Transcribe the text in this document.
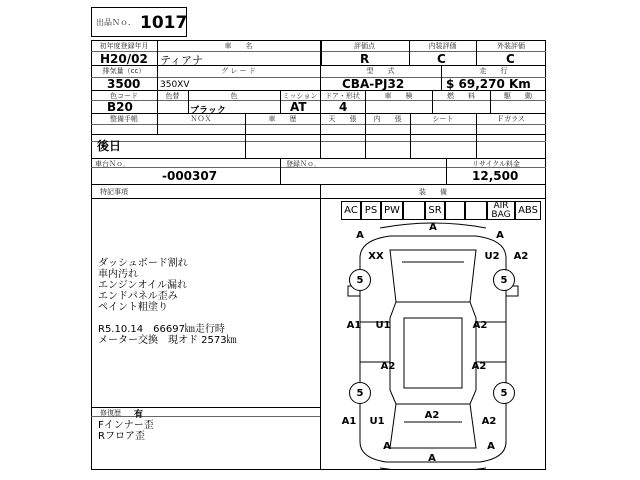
出品Ｎｏ． 1017
初年度登録年月
H20/02
車　　名
ティアナ
評価点
R
内装評価
C
外装評価
C
排気量（cc）
3500
グ レ ー ド
350XV
型　　式
CBA-PJ32
走　　行
$ 69,270 Km
色コード
B20
色替	色
ブラック
ミッション
AT
ドア・形状
4
車　　検	燃　　料	駆　　動
整備手帳
後日
ＮＯＸ	車　　歴	天　　張	内　　張	シート	Ｆガラス
車台Ｎｏ．
-000307
登録Ｎｏ．	リサイクル料金
12,500
特記事項
ダッシュボード割れ
車内汚れ
エンジンオイル漏れ
エンドパネル歪み
ペイント粗塗り
R5.10.14　66697㎞走行時
メーター交換　現オド 2573㎞
修復歴 有
Fインナー歪
Rフロア歪
装　　備
AC PS PW	SR	AIR BAG ABS
A
A
A
XX	U2	A2
A1	U1	A2
A2	A2
A1	U1
A2
A2
A
A
A
5	5
5	5
